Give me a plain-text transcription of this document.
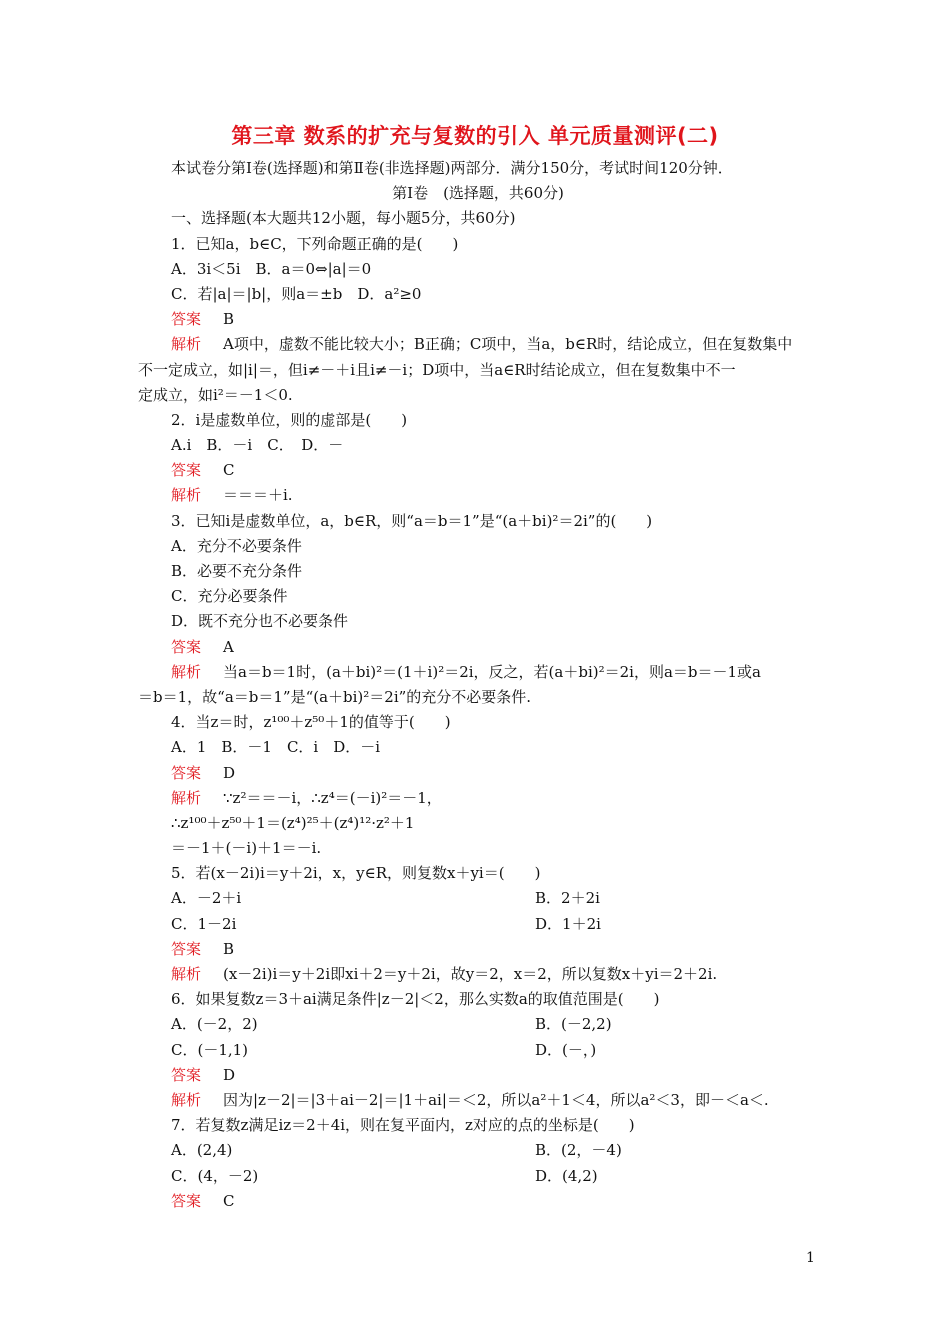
第三章 数系的扩充与复数的引入 单元质量测评(二)
本试卷分第Ⅰ卷(选择题)和第Ⅱ卷(非选择题)两部分．满分150分，考试时间120分钟．
第Ⅰ卷　(选择题，共60分)
一、选择题(本大题共12小题，每小题5分，共60分)
1．已知a，b∈C，下列命题正确的是(　　)
A．3i＜5i　B．a＝0⇔|a|＝0
C．若|a|＝|b|，则a＝±b　D．a²≥0
答案 B
解析 A项中，虚数不能比较大小；B正确；C项中，当a，b∈R时，结论成立，但在复数集中
不一定成立，如|i|＝，但i≠－＋i且i≠－i；D项中，当a∈R时结论成立，但在复数集中不一
定成立，如i²＝－1＜0.
2．i是虚数单位，则的虚部是(　　)
A.i　B．－i　C．　D．－
答案 C
解析 ＝＝＝＋i.
3．已知i是虚数单位，a，b∈R，则“a＝b＝1”是“(a＋bi)²＝2i”的(　　)
A．充分不必要条件
B．必要不充分条件
C．充分必要条件
D．既不充分也不必要条件
答案 A
解析 当a＝b＝1时，(a＋bi)²＝(1＋i)²＝2i，反之，若(a＋bi)²＝2i，则a＝b＝－1或a
＝b＝1，故“a＝b＝1”是“(a＋bi)²＝2i”的充分不必要条件.
4．当z＝时，z¹⁰⁰＋z⁵⁰＋1的值等于(　　)
A．1　B．－1　C．i　D．－i
答案 D
解析 ∵z²＝＝－i，∴z⁴＝(－i)²＝－1，
∴z¹⁰⁰＋z⁵⁰＋1＝(z⁴)²⁵＋(z⁴)¹²·z²＋1
＝－1＋(－i)＋1＝－i.
5．若(x－2i)i＝y＋2i，x，y∈R，则复数x＋yi＝(　　)
A．－2＋i	B．2＋2i
C．1－2i	D．1＋2i
答案 B
解析 (x－2i)i＝y＋2i即xi＋2＝y＋2i，故y＝2，x＝2，所以复数x＋yi＝2＋2i.
6．如果复数z＝3＋ai满足条件|z－2|＜2，那么实数a的取值范围是(　　)
A．(－2，2)	B．(－2,2)
C．(－1,1)	D．(－，)
答案 D
解析 因为|z－2|＝|3＋ai－2|＝|1＋ai|＝＜2，所以a²＋1＜4，所以a²＜3，即－＜a＜.
7．若复数z满足iz＝2＋4i，则在复平面内，z对应的点的坐标是(　　)
A．(2,4)	B．(2，－4)
C．(4，－2)	D．(4,2)
答案 C
1
